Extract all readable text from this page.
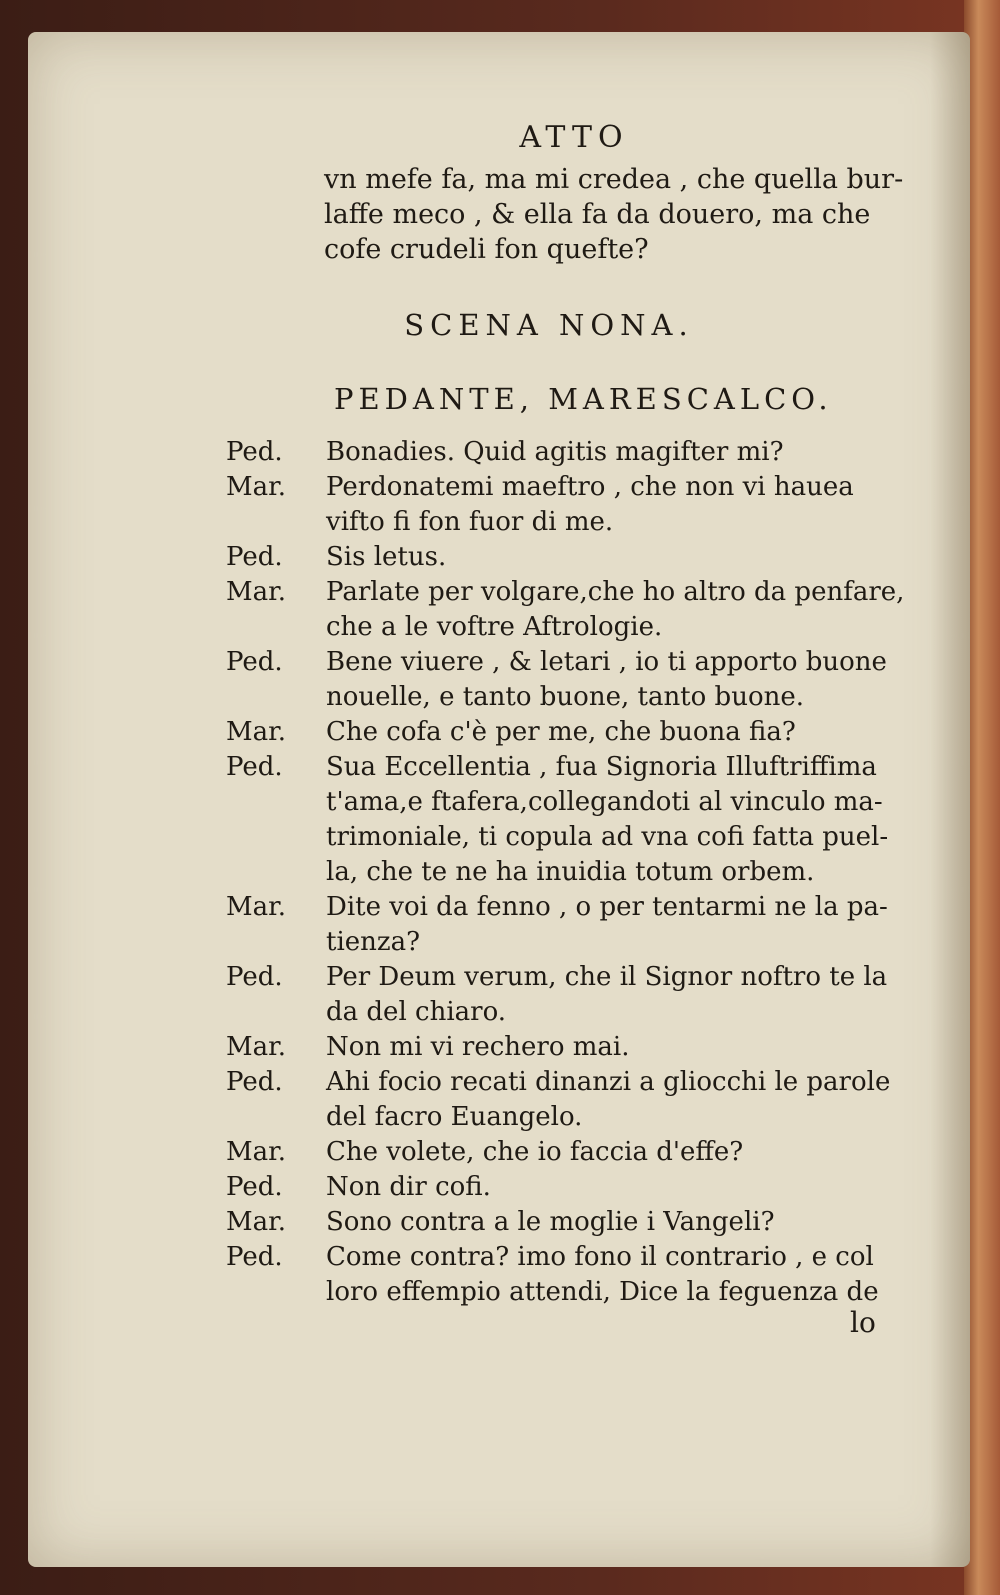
ATTO
vn mefe fa, ma mi credea , che quella bur-
laffe meco , & ella fa da douero, ma che
cofe crudeli fon quefte?
SCENA NONA.
PEDANTE, MARESCALCO.
Ped.	Bonadies. Quid agitis magifter mi?
Mar.	Perdonatemi maeftro , che non vi hauea
vifto fi fon fuor di me.
Ped.	Sis letus.
Mar.	Parlate per volgare,che ho altro da penfare,
che a le voftre Aftrologie.
Ped.	Bene viuere , & letari , io ti apporto buone
nouelle, e tanto buone, tanto buone.
Mar.	Che cofa c'è per me, che buona fia?
Ped.	Sua Eccellentia , fua Signoria Illuftriffima
t'ama,e ftafera,collegandoti al vinculo ma-
trimoniale, ti copula ad vna cofi fatta puel-
la, che te ne ha inuidia totum orbem.
Mar.	Dite voi da fenno , o per tentarmi ne la pa-
tienza?
Ped.	Per Deum verum, che il Signor noftro te la
da del chiaro.
Mar.	Non mi vi rechero mai.
Ped.	Ahi focio recati dinanzi a gliocchi le parole
del facro Euangelo.
Mar.	Che volete, che io faccia d'effe?
Ped.	Non dir cofi.
Mar.	Sono contra a le moglie i Vangeli?
Ped.	Come contra? imo fono il contrario , e col
loro effempio attendi, Dice la feguenza de
lo
